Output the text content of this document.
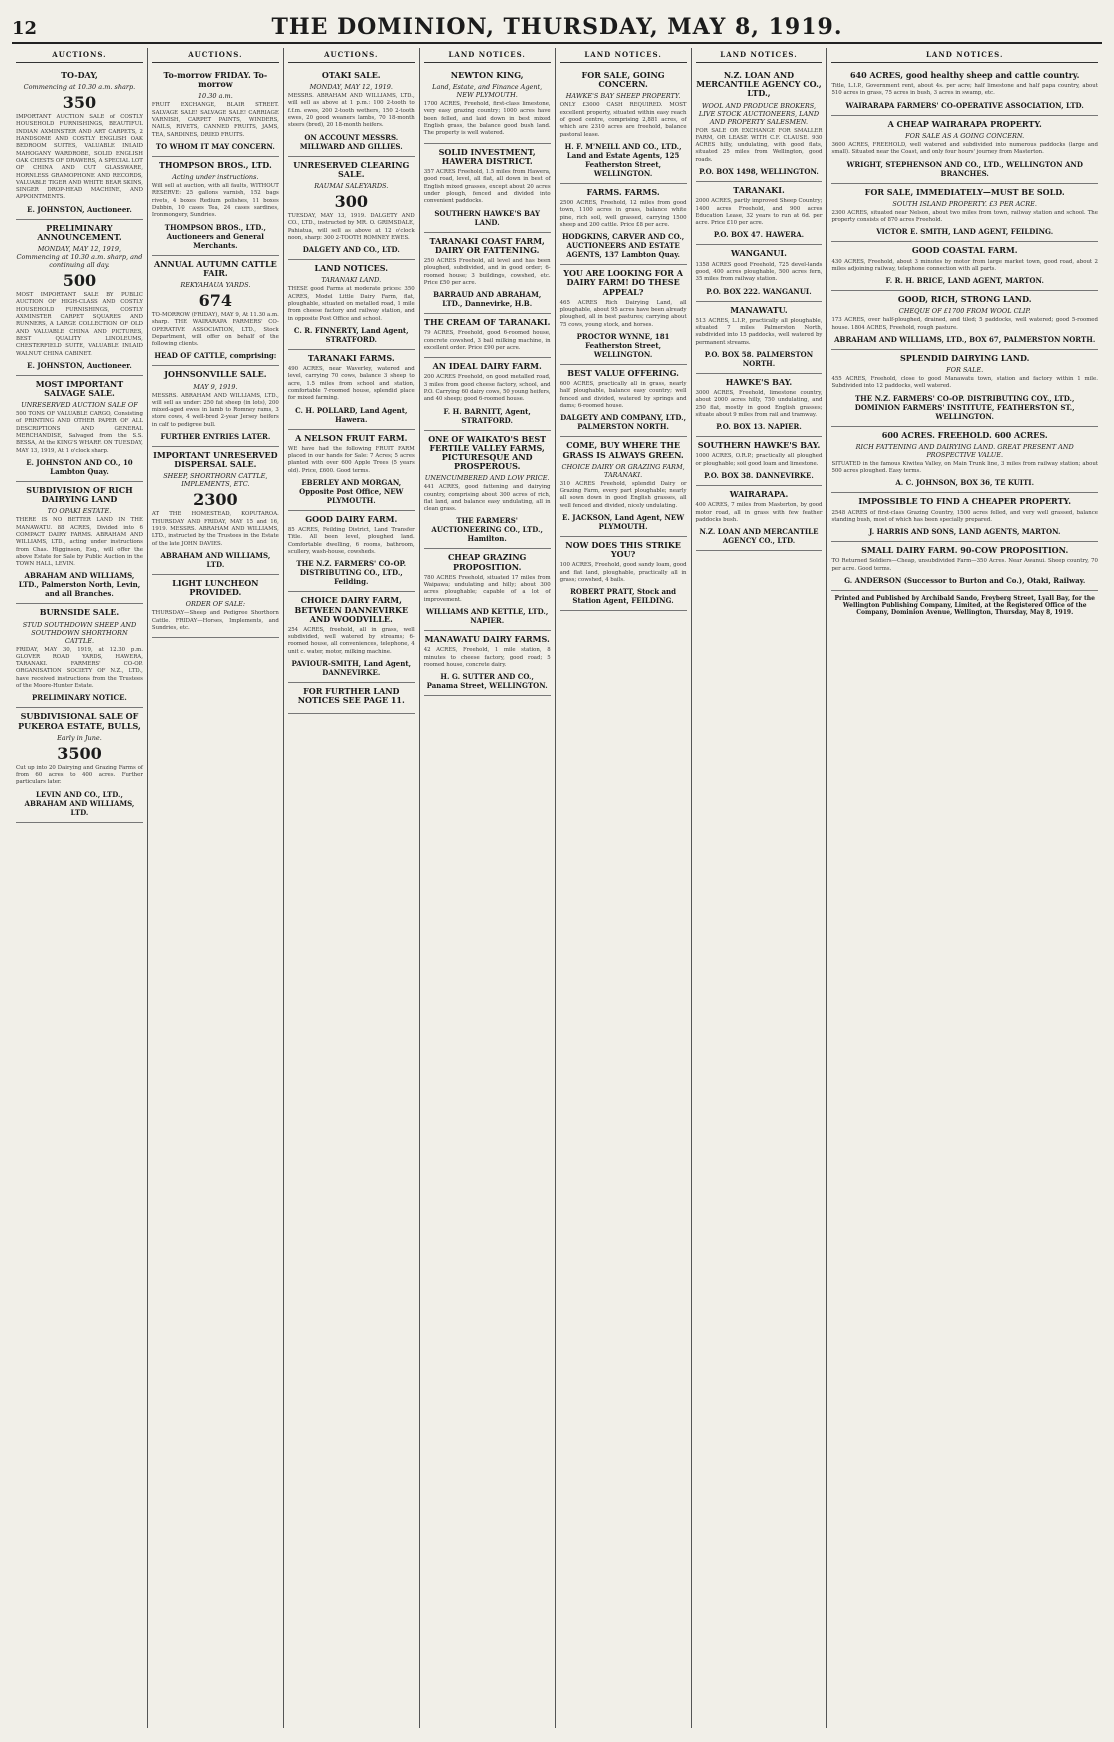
12	THE DOMINION, THURSDAY, MAY 8, 1919.
AUCTIONS.
TO-DAY,
Commencing at 10.30 a.m. sharp.
350
IMPORTANT AUCTION SALE of COSTLY HOUSEHOLD FURNISHINGS, BEAUTIFUL INDIAN AXMINSTER AND ART CARPETS, 2 HANDSOME AND COSTLY ENGLISH OAK BEDROOM SUITES, VALUABLE INLAID MAHOGANY WARDROBE, SOLID ENGLISH OAK CHESTS OF DRAWERS, A SPECIAL LOT OF CHINA AND CUT GLASSWARE, HORNLESS GRAMOPHONE AND RECORDS, VALUABLE TIGER AND WHITE BEAR SKINS, SINGER DROP-HEAD MACHINE, AND APPOINTMENTS.
E. JOHNSTON, Auctioneer.
PRELIMINARY ANNOUNCEMENT.
MONDAY, MAY 12, 1919, Commencing at 10.30 a.m. sharp, and continuing all day.
500
MOST IMPORTANT SALE BY PUBLIC AUCTION OF HIGH-CLASS AND COSTLY HOUSEHOLD FURNISHINGS, COSTLY AXMINSTER CARPET SQUARES AND RUNNERS, A LARGE COLLECTION OF OLD AND VALUABLE CHINA AND PICTURES, BEST QUALITY LINOLEUMS, CHESTERFIELD SUITE, VALUABLE INLAID WALNUT CHINA CABINET.
E. JOHNSTON, Auctioneer.
MOST IMPORTANT SALVAGE SALE.
UNRESERVED AUCTION SALE OF
500 TONS OF VALUABLE CARGO, Consisting of PRINTING AND OTHER PAPER OF ALL DESCRIPTIONS AND GENERAL MERCHANDISE, Salvaged from the S.S. BESSA, At the KING'S WHARF. ON TUESDAY, MAY 13, 1919, At 1 o'clock sharp.
E. JOHNSTON AND CO., 10 Lambton Quay.
SUBDIVISION OF RICH DAIRYING LAND
TO OPAKI ESTATE.
THERE IS NO BETTER LAND IN THE MANAWATU. 88 ACRES, Divided into 6 COMPACT DAIRY FARMS. ABRAHAM AND WILLIAMS, LTD., acting under instructions from Chas. Higginson, Esq., will offer the above Estate for Sale by Public Auction in the TOWN HALL, LEVIN.
ABRAHAM AND WILLIAMS, LTD., Palmerston North, Levin, and all Branches.
BURNSIDE SALE.
STUD SOUTHDOWN SHEEP AND SOUTHDOWN SHORTHORN CATTLE.
FRIDAY, MAY 30, 1919, at 12.30 p.m. GLOVER ROAD YARDS, HAWERA, TARANAKI. FARMERS' CO-OP. ORGANISATION SOCIETY OF N.Z., LTD., have received instructions from the Trustees of the Moore-Hunter Estate.
PRELIMINARY NOTICE.
SUBDIVISIONAL SALE OF PUKEROA ESTATE, BULLS,
Early in June.
3500
Cut up into 20 Dairying and Grazing Farms of from 60 acres to 400 acres. Further particulars later.
LEVIN AND CO., LTD., ABRAHAM AND WILLIAMS, LTD.
AUCTIONS.
To-morrow FRIDAY. To-morrow
10.30 a.m.
FRUIT EXCHANGE, BLAIR STREET. SALVAGE SALE! SALVAGE SALE! CARRIAGE VARNISH, CARPET PAINTS, WINDERS, NAILS, RIVETS, CANNED FRUITS, JAMS, TEA, SARDINES, DRIED FRUITS.
TO WHOM IT MAY CONCERN.
THOMPSON BROS., LTD.
Acting under instructions.
Will sell at auction, with all faults, WITHOUT RESERVE: 25 gallons varnish, 152 bags rivets, 4 boxes Redium polishes, 11 boxes Dubbin, 10 cases Tea, 24 cases sardines, Ironmongery, Sundries.
THOMPSON BROS., LTD., Auctioneers and General Merchants.
ANNUAL AUTUMN CATTLE FAIR.
REKYAHAUA YARDS.
674
TO-MORROW (FRIDAY), MAY 9, At 11.30 a.m. sharp. THE WAIRARAPA FARMERS' CO-OPERATIVE ASSOCIATION, LTD., Stock Department, will offer on behalf of the following clients.
HEAD OF CATTLE, comprising:
JOHNSONVILLE SALE.
MAY 9, 1919.
MESSRS. ABRAHAM AND WILLIAMS, LTD., will sell as under: 250 fat sheep (in lots), 200 mixed-aged ewes in lamb to Romney rams, 3 store cows, 4 well-bred 2-year Jersey heifers in calf to pedigree bull.
FURTHER ENTRIES LATER.
IMPORTANT UNRESERVED DISPERSAL SALE.
SHEEP, SHORTHORN CATTLE, IMPLEMENTS, ETC.
2300
AT THE HOMESTEAD, KOPUTAROA. THURSDAY AND FRIDAY, MAY 15 and 16, 1919. MESSRS. ABRAHAM AND WILLIAMS, LTD., instructed by the Trustees in the Estate of the late JOHN DAVIES.
ABRAHAM AND WILLIAMS, LTD.
LIGHT LUNCHEON PROVIDED.
ORDER OF SALE:
THURSDAY—Sheep and Pedigree Shorthorn Cattle. FRIDAY—Horses, Implements, and Sundries, etc.
AUCTIONS.
OTAKI SALE.
MONDAY, MAY 12, 1919.
MESSRS. ABRAHAM AND WILLIAMS, LTD., will sell as above at 1 p.m.: 100 2-tooth to f.f.m. ewes, 200 2-tooth wethers, 150 2-tooth ewes, 20 good weaners lambs, 70 18-month steers (bred), 20 18-month heifers.
ON ACCOUNT MESSRS. MILLWARD AND GILLIES.
UNRESERVED CLEARING SALE.
RAUMAI SALEYARDS.
300
TUESDAY, MAY 13, 1919. DALGETY AND CO., LTD., instructed by MR. O. GRIMSDALE, Pahiatua, will sell as above at 12 o'clock noon, sharp: 300 2-TOOTH ROMNEY EWES.
DALGETY AND CO., LTD.
LAND NOTICES.
TARANAKI LAND.
THESE good Farms at moderate prices: 350 ACRES, Model Little Dairy Farm, flat, ploughable, situated on metalled road, 1 mile from cheese factory and railway station, and in opposite Post Office and school.
C. R. FINNERTY, Land Agent, STRATFORD.
TARANAKI FARMS.
490 ACRES, near Waverley, watered and level, carrying 70 cows, balance 3 sheep to acre, 1.5 miles from school and station, comfortable 7-roomed house, splendid place for mixed farming.
C. H. POLLARD, Land Agent, Hawera.
A NELSON FRUIT FARM.
WE have had the following FRUIT FARM placed in our hands for Sale: 7 Acres; 5 acres planted with over 600 Apple Trees (5 years old). Price, £600. Good terms.
EBERLEY AND MORGAN, Opposite Post Office, NEW PLYMOUTH.
GOOD DAIRY FARM.
85 ACRES, Feilding District, Land Transfer Title. All been level, ploughed land. Comfortable dwelling, 6 rooms, bathroom, scullery, wash-house, cowsheds.
THE N.Z. FARMERS' CO-OP. DISTRIBUTING CO., LTD., Feilding.
CHOICE DAIRY FARM, BETWEEN DANNEVIRKE AND WOODVILLE.
254 ACRES, freehold, all in grass, well subdivided, well watered by streams; 6-roomed house, all conveniences, telephone, 4 unit c. water, motor, milking machine.
PAVIOUR-SMITH, Land Agent, DANNEVIRKE.
FOR FURTHER LAND NOTICES SEE PAGE 11.
LAND NOTICES.
NEWTON KING,
Land, Estate, and Finance Agent, NEW PLYMOUTH.
1700 ACRES, Freehold, first-class limestone, very easy grazing country; 1000 acres have been felled, and laid down in best mixed English grass, the balance good bush land. The property is well watered.
SOLID INVESTMENT, HAWERA DISTRICT.
357 ACRES Freehold, 1.5 miles from Hawera, good road, level, all flat, all down in best of English mixed grasses, except about 20 acres under plough, fenced and divided into convenient paddocks.
SOUTHERN HAWKE'S BAY LAND.
TARANAKI COAST FARM, DAIRY OR FATTENING.
250 ACRES Freehold, all level and has been ploughed, subdivided, and in good order; 6-roomed house; 3 buildings, cowshed, etc. Price £50 per acre.
BARRAUD AND ABRAHAM, LTD., Dannevirke, H.B.
THE CREAM OF TARANAKI.
79 ACRES, Freehold, good 6-roomed house, concrete cowshed, 3 bail milking machine, in excellent order. Price £90 per acre.
AN IDEAL DAIRY FARM.
200 ACRES Freehold, on good metalled road, 3 miles from good cheese factory, school, and P.O. Carrying 60 dairy cows, 50 young heifers, and 40 sheep; good 6-roomed house.
F. H. BARNITT, Agent, STRATFORD.
ONE OF WAIKATO'S BEST FERTILE VALLEY FARMS, PICTURESQUE AND PROSPEROUS.
UNENCUMBERED AND LOW PRICE.
441 ACRES, good fattening and dairying country, comprising about 300 acres of rich, flat land, and balance easy undulating, all in clean grass.
THE FARMERS' AUCTIONEERING CO., LTD., Hamilton.
CHEAP GRAZING PROPOSITION.
780 ACRES Freehold, situated 17 miles from Waipawa; undulating and hilly; about 300 acres ploughable; capable of a lot of improvement.
WILLIAMS AND KETTLE, LTD., NAPIER.
MANAWATU DAIRY FARMS.
42 ACRES, Freehold, 1 mile station, 8 minutes to cheese factory, good road; 5 roomed house, concrete dairy.
H. G. SUTTER AND CO., Panama Street, WELLINGTON.
LAND NOTICES.
FOR SALE, GOING CONCERN.
HAWKE'S BAY SHEEP PROPERTY.
ONLY £3000 CASH REQUIRED. MOST excellent property, situated within easy reach of good centre, comprising 2,881 acres, of which are 2310 acres are freehold, balance pastoral lease.
H. F. M'NEILL AND CO., LTD., Land and Estate Agents, 125 Featherston Street, WELLINGTON.
FARMS. FARMS.
2500 ACRES, Freehold, 12 miles from good town, 1100 acres in grass, balance white pine, rich soil, well grassed, carrying 1500 sheep and 200 cattle. Price £8 per acre.
HODGKINS, CARVER AND CO., AUCTIONEERS AND ESTATE AGENTS, 137 Lambton Quay.
YOU ARE LOOKING FOR A DAIRY FARM! DO THESE APPEAL?
465 ACRES Rich Dairying Land, all ploughable, about 95 acres have been already ploughed, all in best pastures; carrying about 75 cows, young stock, and horses.
PROCTOR WYNNE, 181 Featherston Street, WELLINGTON.
BEST VALUE OFFERING.
600 ACRES, practically all in grass, nearly half ploughable, balance easy country; well fenced and divided, watered by springs and dams; 6-roomed house.
DALGETY AND COMPANY, LTD., PALMERSTON NORTH.
COME, BUY WHERE THE GRASS IS ALWAYS GREEN.
CHOICE DAIRY OR GRAZING FARM, TARANAKI.
310 ACRES Freehold, splendid Dairy or Grazing Farm, every part ploughable; nearly all sown down in good English grasses, all well fenced and divided, nicely undulating.
E. JACKSON, Land Agent, NEW PLYMOUTH.
NOW DOES THIS STRIKE YOU?
100 ACRES, Freehold, good sandy loam, good and flat land, ploughable, practically all in grass; cowshed, 4 bails.
ROBERT PRATT, Stock and Station Agent, FEILDING.
LAND NOTICES.
N.Z. LOAN AND MERCANTILE AGENCY CO., LTD.,
WOOL AND PRODUCE BROKERS, LIVE STOCK AUCTIONEERS, LAND AND PROPERTY SALESMEN.
FOR SALE OR EXCHANGE FOR SMALLER FARM, OR LEASE WITH C.F. CLAUSE. 930 ACRES hilly, undulating, with good flats, situated 25 miles from Wellington, good roads.
P.O. BOX 1498, WELLINGTON.
TARANAKI.
2000 ACRES, partly improved Sheep Country; 1400 acres Freehold, and 900 acres Education Lease, 32 years to run at 6d. per acre. Price £10 per acre.
P.O. BOX 47. HAWERA.
WANGANUI.
1358 ACRES good Freehold, 725 devel-lands good, 400 acres ploughable, 500 acres fern, 35 miles from railway station.
P.O. BOX 222. WANGANUI.
MANAWATU.
513 ACRES, L.I.P., practically all ploughable, situated 7 miles Palmerston North, subdivided into 15 paddocks, well watered by permanent streams.
P.O. BOX 58. PALMERSTON NORTH.
HAWKE'S BAY.
3000 ACRES, Freehold, limestone country, about 2000 acres hilly, 750 undulating, and 250 flat, mostly in good English grasses; situate about 9 miles from rail and tramway.
P.O. BOX 13. NAPIER.
SOUTHERN HAWKE'S BAY.
1000 ACRES, O.R.P.; practically all ploughed or ploughable; soil good loam and limestone.
P.O. BOX 38. DANNEVIRKE.
WAIRARAPA.
400 ACRES, 7 miles from Masterton, by good motor road, all in grass with few feather paddocks bush.
N.Z. LOAN AND MERCANTILE AGENCY CO., LTD.
LAND NOTICES.
640 ACRES, good healthy sheep and cattle country.
Title, L.I.P., Government rent, about 4s. per acre; half limestone and half papa country, about 510 acres in grass, 75 acres in bush, 3 acres in swamp, etc.
WAIRARAPA FARMERS' CO-OPERATIVE ASSOCIATION, LTD.
A CHEAP WAIRARAPA PROPERTY.
FOR SALE AS A GOING CONCERN.
3600 ACRES, FREEHOLD, well watered and subdivided into numerous paddocks (large and small). Situated near the Coast, and only four hours' journey from Masterton.
WRIGHT, STEPHENSON AND CO., LTD., WELLINGTON AND BRANCHES.
FOR SALE, IMMEDIATELY—MUST BE SOLD.
SOUTH ISLAND PROPERTY. £3 PER ACRE.
2300 ACRES, situated near Nelson, about two miles from town, railway station and school. The property consists of 870 acres Freehold.
VICTOR E. SMITH, LAND AGENT, FEILDING.
GOOD COASTAL FARM.
430 ACRES, Freehold, about 3 minutes by motor from large market town, good road, about 2 miles adjoining railway, telephone connection with all parts.
F. R. H. BRICE, LAND AGENT, MARTON.
GOOD, RICH, STRONG LAND.
CHEQUE OF £1700 FROM WOOL CLIP.
173 ACRES, over half-ploughed, drained, and tiled; 5 paddocks, well watered; good 5-roomed house. 1804 ACRES, Freehold, rough pasture.
ABRAHAM AND WILLIAMS, LTD., BOX 67, PALMERSTON NORTH.
SPLENDID DAIRYING LAND.
FOR SALE.
455 ACRES, Freehold, close to good Manawatu town, station and factory within 1 mile. Subdivided into 12 paddocks, well watered.
THE N.Z. FARMERS' CO-OP. DISTRIBUTING COY., LTD., DOMINION FARMERS' INSTITUTE, FEATHERSTON ST., WELLINGTON.
600 ACRES. FREEHOLD. 600 ACRES.
RICH FATTENING AND DAIRYING LAND. GREAT PRESENT AND PROSPECTIVE VALUE.
SITUATED in the famous Kiwitea Valley, on Main Trunk line, 3 miles from railway station; about 500 acres ploughed. Easy terms.
A. C. JOHNSON, BOX 36, TE KUITI.
IMPOSSIBLE TO FIND A CHEAPER PROPERTY.
2548 ACRES of first-class Grazing Country, 1500 acres felled, and very well grassed, balance standing bush, most of which has been specially prepared.
J. HARRIS AND SONS, LAND AGENTS, MARTON.
SMALL DAIRY FARM. 90-COW PROPOSITION.
TO Returned Soldiers—Cheap, unsubdivided Farm—350 Acres. Near Awanui. Sheep country, 70 per acre. Good terms.
G. ANDERSON (Successor to Burton and Co.), Otaki, Railway.
Printed and Published by Archibald Sando, Freyberg Street, Lyall Bay, for the Wellington Publishing Company, Limited, at the Registered Office of the Company, Dominion Avenue, Wellington, Thursday, May 8, 1919.
